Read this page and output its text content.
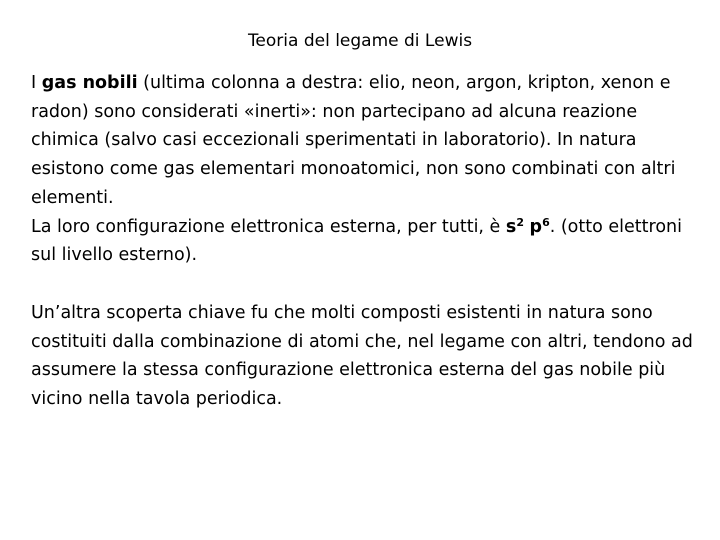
Teoria del legame di Lewis

I gas nobili (ultima colonna a destra: elio, neon, argon, kripton, xenon e radon) sono considerati «inerti»: non partecipano ad alcuna reazione chimica (salvo casi eccezionali sperimentati in laboratorio). In natura esistono come gas elementari monoatomici, non sono combinati con altri elementi.

La loro configurazione elettronica esterna, per tutti, è $s^2$ $p^6$. (otto elettroni sul livello esterno).

Un’altra scoperta chiave fu che molti composti esistenti in natura sono costituiti dalla combinazione di atomi che, nel legame con altri, tendono ad assumere la stessa configurazione elettronica esterna del gas nobile più vicino nella tavola periodica.
